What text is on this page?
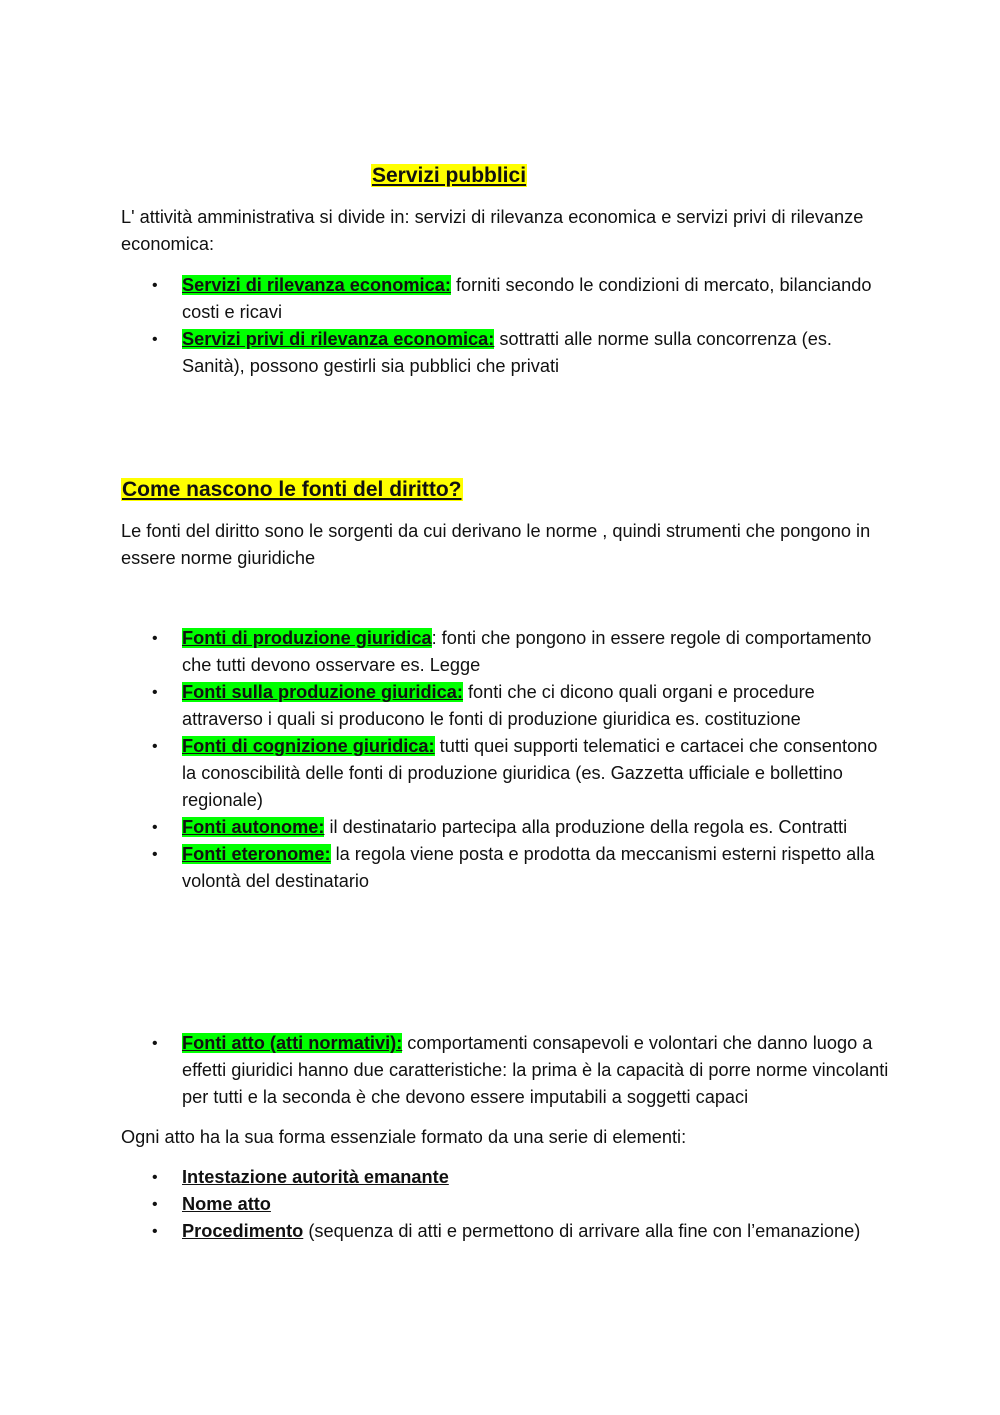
Servizi pubblici
L' attività amministrativa si divide in: servizi di rilevanza economica e servizi privi di rilevanze economica:
• Servizi di rilevanza economica: forniti secondo le condizioni di mercato, bilanciando costi e ricavi
• Servizi privi di rilevanza economica: sottratti alle norme sulla concorrenza (es. Sanità), possono gestirli sia pubblici che privati
Come nascono le fonti del diritto?
Le fonti del diritto sono le sorgenti da cui derivano le norme , quindi strumenti che pongono in essere norme giuridiche
• Fonti di produzione giuridica: fonti che pongono in essere regole di comportamento che tutti devono osservare es. Legge
• Fonti sulla produzione giuridica: fonti che ci dicono quali organi e procedure attraverso i quali si producono le fonti di produzione giuridica es. costituzione
• Fonti di cognizione giuridica: tutti quei supporti telematici e cartacei che consentono la conoscibilità delle fonti di produzione giuridica (es. Gazzetta ufficiale e bollettino regionale)
• Fonti autonome: il destinatario partecipa alla produzione della regola es. Contratti
• Fonti eteronome: la regola viene posta e prodotta da meccanismi esterni rispetto alla volontà del destinatario
• Fonti atto (atti normativi): comportamenti consapevoli e volontari che danno luogo a effetti giuridici hanno due caratteristiche: la prima è la capacità di porre norme vincolanti per tutti e la seconda è che devono essere imputabili a soggetti capaci
Ogni atto ha la sua forma essenziale formato da una serie di elementi:
• Intestazione autorità emanante
• Nome atto
• Procedimento (sequenza di atti e permettono di arrivare alla fine con l’emanazione)
